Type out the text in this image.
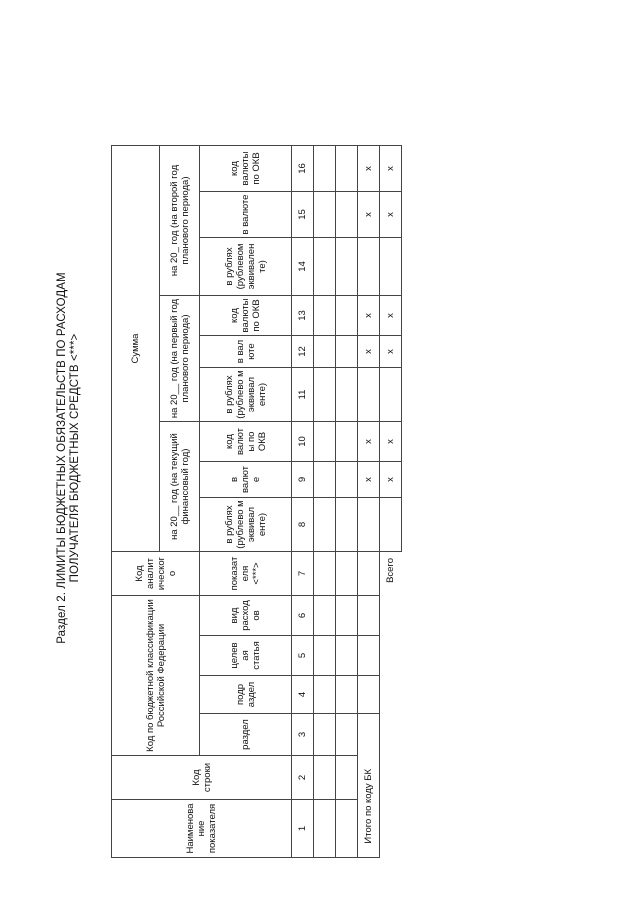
Раздел 2. ЛИМИТЫ БЮДЖЕТНЫХ ОБЯЗАТЕЛЬСТВ ПО РАСХОДАМ ПОЛУЧАТЕЛЯ БЮДЖЕТНЫХ СРЕДСТВ <***>
Наименова ние показателя	Код строки	Код по бюджетной классификации Российской Федерации				Код аналит ическог о	Сумма								
							на 20__ год (на текущий финансовый год)			на 20__ год (на первый год планового периода)			на 20_ год (на второй год планового периода)		
		раздел	подр аздел	целев ая статья	вид расход ов	показат еля <***>	в рублях (рублево м эквивал енте)	в валют е	код валют ы по ОКВ	в рублях (рублево м эквивал енте)	в вал юте	код валюты по ОКВ	в рублях (рублевом эквивален те)	в валюте	код валюты по ОКВ
1	2	3	4	5	6	7	8	9	10	11	12	13	14	15	16

Итого по коду БК								x	x		x	x		x	x
Всего								x	x		x	x		x	x
